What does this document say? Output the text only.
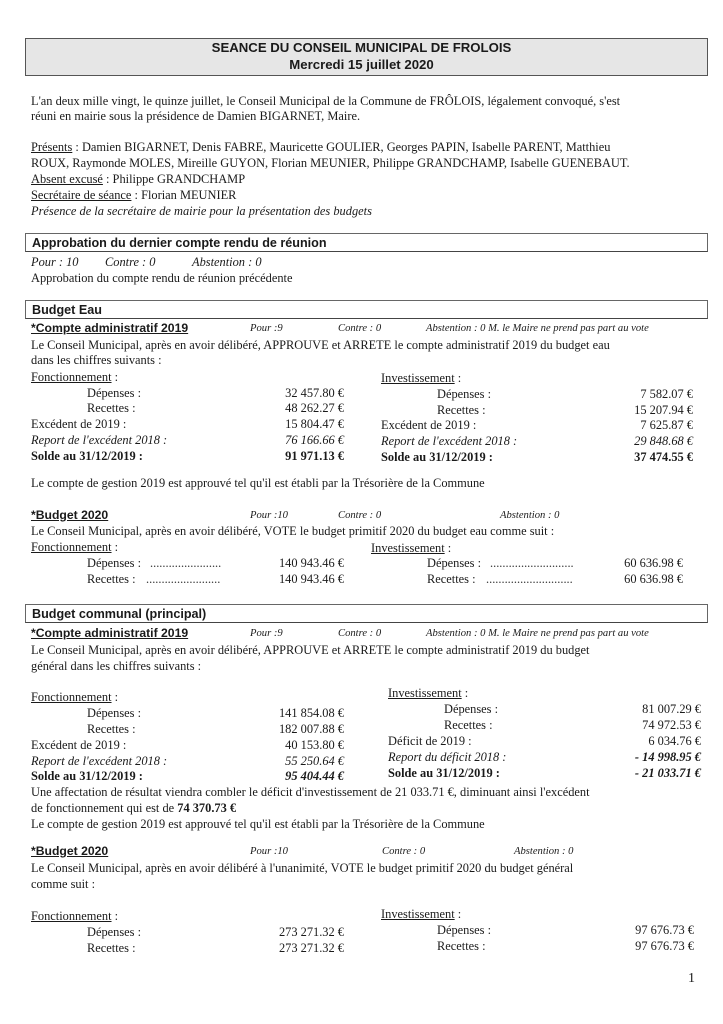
SEANCE DU CONSEIL MUNICIPAL DE FROLOIS
Mercredi 15 juillet 2020
L'an deux mille vingt, le quinze juillet, le Conseil Municipal de la Commune de FRÔLOIS, légalement convoqué, s'est
réuni en mairie sous la présidence de Damien BIGARNET, Maire.
Présents : Damien BIGARNET, Denis FABRE, Mauricette GOULIER, Georges PAPIN, Isabelle PARENT, Matthieu
ROUX, Raymonde MOLES, Mireille GUYON, Florian MEUNIER, Philippe GRANDCHAMP, Isabelle GUENEBAUT.
Absent excusé : Philippe GRANDCHAMP
Secrétaire de séance : Florian MEUNIER
Présence de la secrétaire de mairie pour la présentation des budgets
Approbation du dernier compte rendu de réunion
Pour : 10 Contre : 0	Abstention : 0
Approbation du compte rendu de réunion précédente
Budget Eau
*Compte administratif 2019	Pour :9	Contre : 0	Abstention : 0 M. le Maire ne prend pas part au vote
Le Conseil Municipal, après en avoir délibéré, APPROUVE et ARRETE le compte administratif 2019 du budget eau
dans les chiffres suivants :
Fonctionnement :
Dépenses :	32 457.80 €
Recettes :	48 262.27 €
Excédent de 2019 :	15 804.47 €
Report de l'excédent 2018 :	76 166.66 €
Solde au 31/12/2019 :	91 971.13 €
Investissement :
Dépenses :	7 582.07 €
Recettes :	15 207.94 €
Excédent de 2019 :	7 625.87 €
Report de l'excédent 2018 :	29 848.68 €
Solde au 31/12/2019 :	37 474.55 €
Le compte de gestion 2019 est approuvé tel qu'il est établi par la Trésorière de la Commune
*Budget 2020	Pour :10	Contre : 0	Abstention : 0
Le Conseil Municipal, après en avoir délibéré, VOTE le budget primitif 2020 du budget eau comme suit :
Fonctionnement :
Dépenses : .......................	140 943.46 €
Recettes : ........................	140 943.46 €
Investissement :
Dépenses : ...........................	60 636.98 €
Recettes : ............................	60 636.98 €
Budget communal (principal)
*Compte administratif 2019	Pour :9	Contre : 0	Abstention : 0 M. le Maire ne prend pas part au vote
Le Conseil Municipal, après en avoir délibéré, APPROUVE et ARRETE le compte administratif 2019 du budget
général dans les chiffres suivants :
Fonctionnement :
Dépenses :	141 854.08 €
Recettes :	182 007.88 €
Excédent de 2019 :	40 153.80 €
Report de l'excédent 2018 :	55 250.64 €
Solde au 31/12/2019 :	95 404.44 €
Investissement :
Dépenses :	81 007.29 €
Recettes :	74 972.53 €
Déficit de 2019 :	6 034.76 €
Report du déficit 2018 :	- 14 998.95 €
Solde au 31/12/2019 :	- 21 033.71 €
Une affectation de résultat viendra combler le déficit d'investissement de 21 033.71 €, diminuant ainsi l'excédent
de fonctionnement qui est de 74 370.73 €
Le compte de gestion 2019 est approuvé tel qu'il est établi par la Trésorière de la Commune
*Budget 2020	Pour :10	Contre : 0	Abstention : 0
Le Conseil Municipal, après en avoir délibéré à l'unanimité, VOTE le budget primitif 2020 du budget général
comme suit :
Fonctionnement :
Dépenses :	273 271.32 €
Recettes :	273 271.32 €
Investissement :
Dépenses :	97 676.73 €
Recettes :	97 676.73 €
1
